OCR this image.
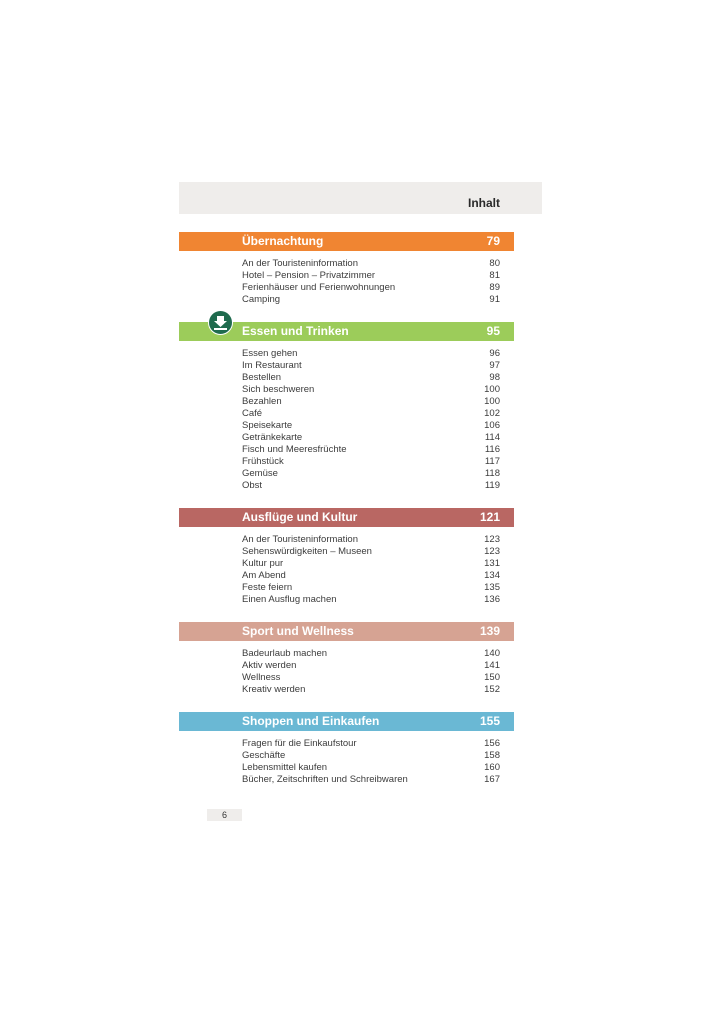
Inhalt
Übernachtung	79
An der Touristeninformation	80
Hotel – Pension – Privatzimmer	81
Ferienhäuser und Ferienwohnungen	89
Camping	91
Essen und Trinken	95
Essen gehen	96
Im Restaurant	97
Bestellen	98
Sich beschweren	100
Bezahlen	100
Café	102
Speisekarte	106
Getränkekarte	114
Fisch und Meeresfrüchte	116
Frühstück	117
Gemüse	118
Obst	119
Ausflüge und Kultur	121
An der Touristeninformation	123
Sehenswürdigkeiten – Museen	123
Kultur pur	131
Am Abend	134
Feste feiern	135
Einen Ausflug machen	136
Sport und Wellness	139
Badeurlaub machen	140
Aktiv werden	141
Wellness	150
Kreativ werden	152
Shoppen und Einkaufen	155
Fragen für die Einkaufstour	156
Geschäfte	158
Lebensmittel kaufen	160
Bücher, Zeitschriften und Schreibwaren	167
6
